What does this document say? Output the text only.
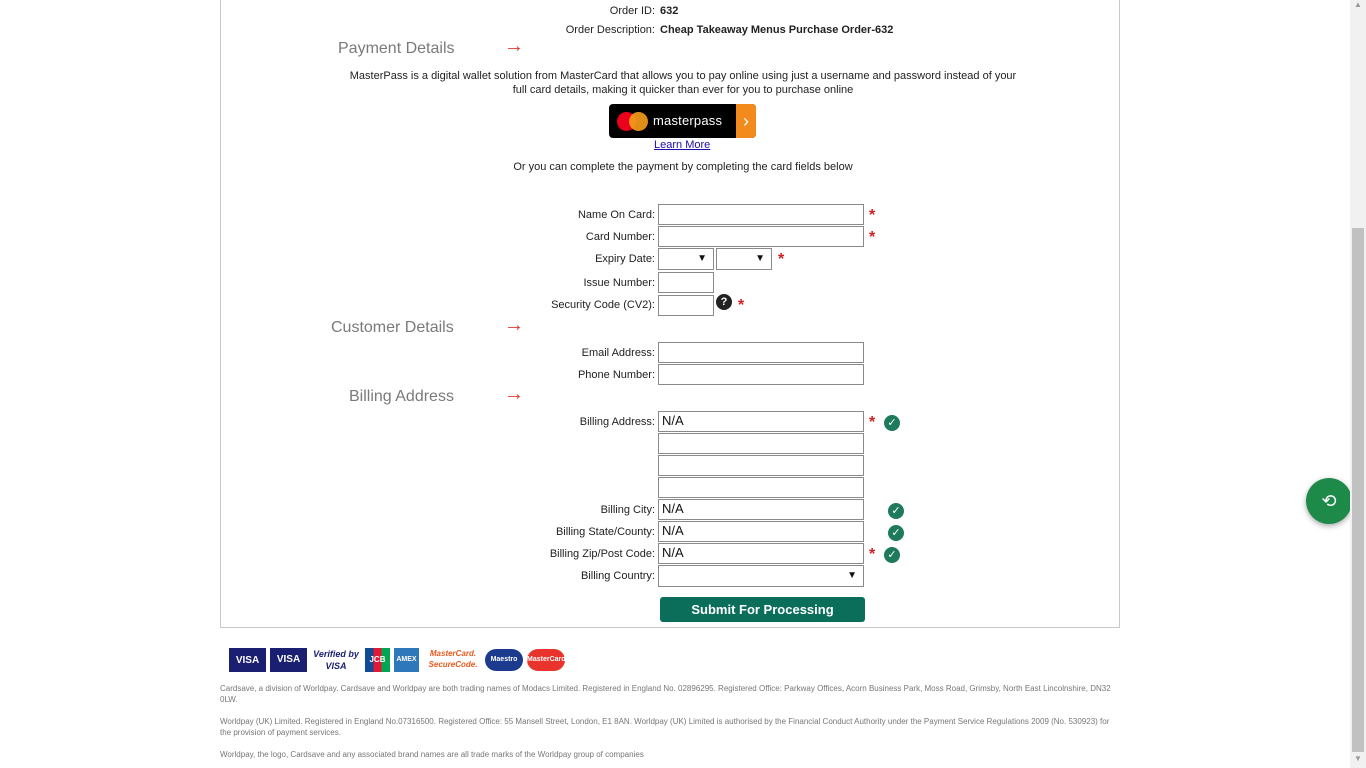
Order ID: 632
Order Description: Cheap Takeaway Menus Purchase Order-632
Payment Details →
MasterPass is a digital wallet solution from MasterCard that allows you to pay online using just a username and password instead of your
full card details, making it quicker than ever for you to purchase online
masterpass	›
Learn More
Or you can complete the payment by completing the card fields below
Name On Card:	*
Card Number:	*
Expiry Date:	▼	▼ *
Issue Number:
Security Code (CV2):	? *
Customer Details	→
Email Address:
Phone Number:
Billing Address	→
Billing Address: N/A	*	✓
Billing City: N/A	✓
Billing State/County: N/A	✓
Billing Zip/Post Code: N/A	*	✓
Billing Country:	▼
Submit For Processing
VISA	VISA	Verified by VISA
JCB	AMEX
MasterCard. SecureCode.
Maestro	MasterCard
Cardsave, a division of Worldpay. Cardsave and Worldpay are both trading names of Modacs Limited. Registered in England No. 02896295. Registered Office: Parkway Offices, Acorn Business Park, Moss Road, Grimsby, North East Lincolnshire, DN32 0LW.
Worldpay (UK) Limited. Registered in England No.07316500. Registered Office: 55 Mansell Street, London, E1 8AN. Worldpay (UK) Limited is authorised by the Financial Conduct Authority under the Payment Service Regulations 2009 (No. 530923) for the provision of payment services.
Worldpay, the logo, Cardsave and any associated brand names are all trade marks of the Worldpay group of companies
⟲
▲
▼
